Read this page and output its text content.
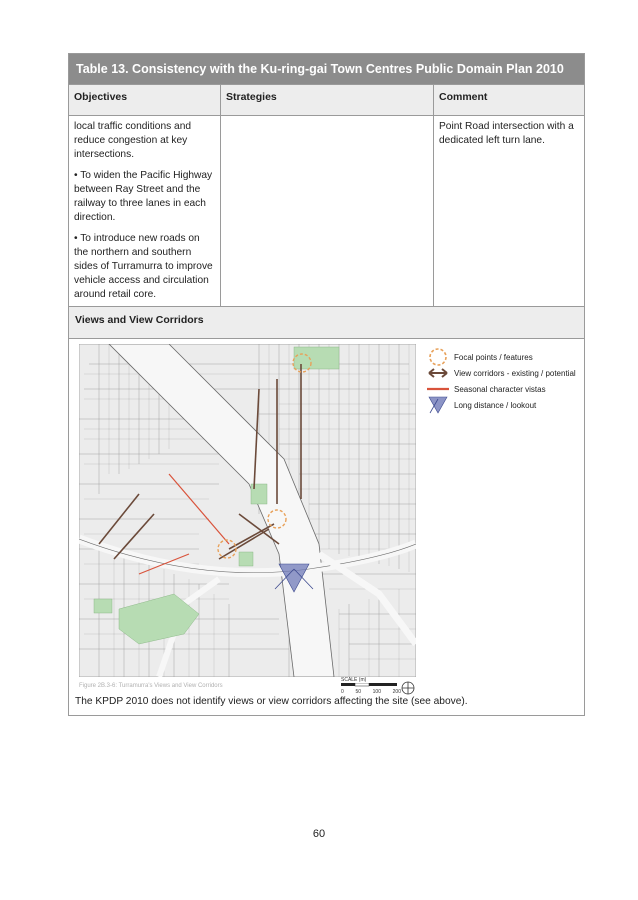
Table 13. Consistency with the Ku-ring-gai Town Centres Public Domain Plan 2010
Objectives	Strategies	Comment

local traffic conditions and reduce congestion at key intersections.

• To widen the Pacific Highway between Ray Street and the railway to three lanes in each direction.

• To introduce new roads on the northern and southern sides of Turramurra to improve vehicle access and circulation around retail core.

Point Road intersection with a dedicated left turn lane.
Views and View Corridors
Focal points / features
View corridors - existing / potential
Seasonal character vistas
Long distance / lookout
Figure 2B.3-6: Turramurra's Views and View Corridors
SCALE (m)
0 50 100 200
The KPDP 2010 does not identify views or view corridors affecting the site (see above).
60
